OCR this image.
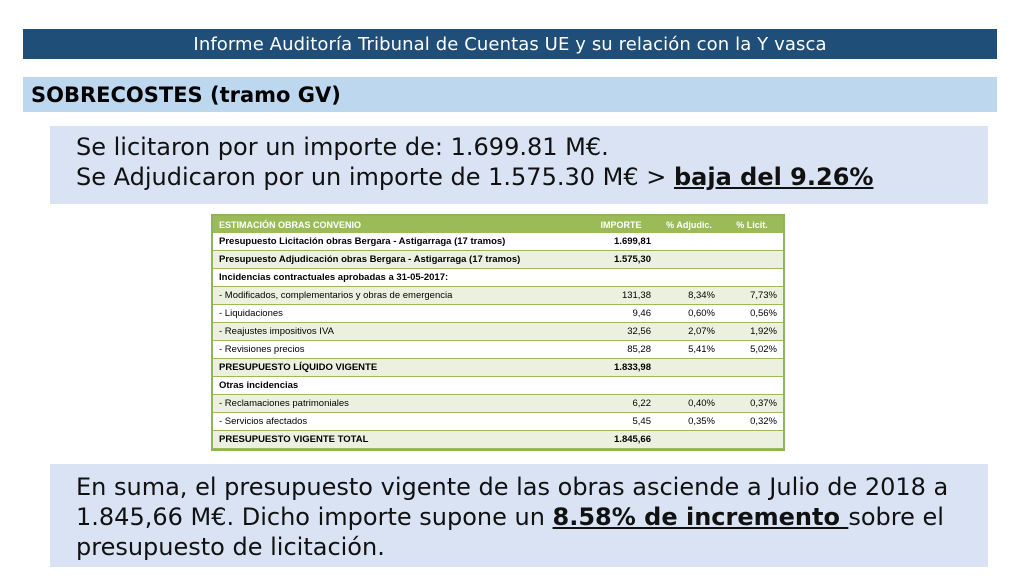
Informe Auditoría Tribunal de Cuentas UE y su relación con la Y vasca
SOBRECOSTES (tramo GV)
Se licitaron por un importe de: 1.699.81 M€.
Se Adjudicaron por un importe de 1.575.30 M€ > baja del 9.26%
ESTIMACIÓN OBRAS CONVENIO	IMPORTE	% Adjudic.	% Licit.
Presupuesto Licitación obras Bergara - Astigarraga (17 tramos)	1.699,81		
Presupuesto Adjudicación obras Bergara - Astigarraga (17 tramos)	1.575,30		
Incidencias contractuales aprobadas a 31-05-2017:			
- Modificados, complementarios y obras de emergencia	131,38	8,34%	7,73%
- Liquidaciones	9,46	0,60%	0,56%
- Reajustes impositivos IVA	32,56	2,07%	1,92%
- Revisiones precios	85,28	5,41%	5,02%
PRESUPUESTO LÍQUIDO VIGENTE	1.833,98		
Otras incidencias			
- Reclamaciones patrimoniales	6,22	0,40%	0,37%
- Servicios afectados	5,45	0,35%	0,32%
PRESUPUESTO VIGENTE TOTAL	1.845,66		
En suma, el presupuesto vigente de las obras asciende a Julio de 2018 a
1.845,66 M€. Dicho importe supone un 8.58% de incremento sobre el
presupuesto de licitación.
